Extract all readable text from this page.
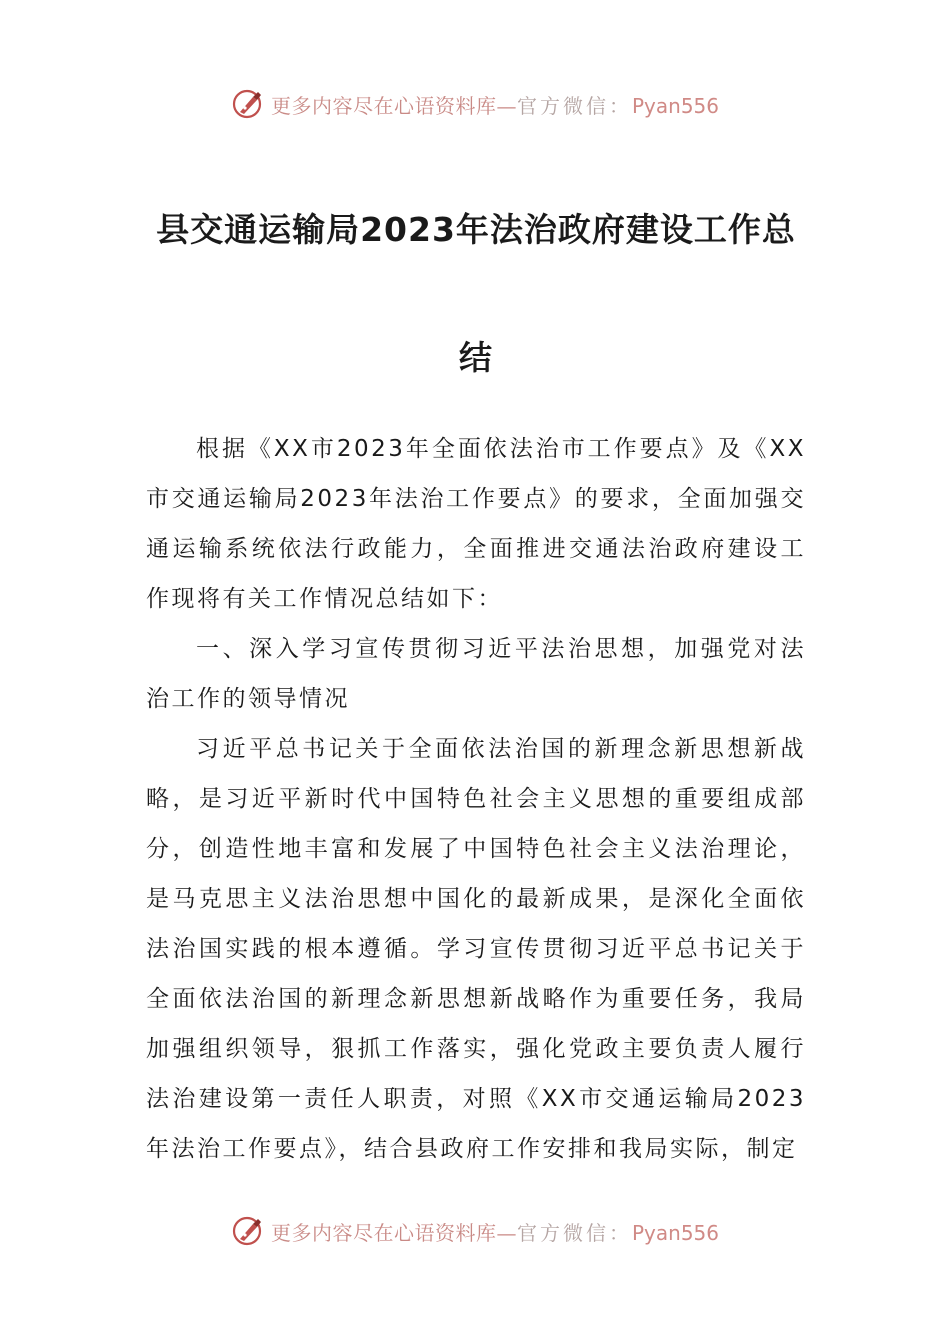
更多内容尽在心语资料库—官方微信：Pyan556
县交通运输局2023年法治政府建设工作总结

根据《XX市2023年全面依法治市工作要点》及《XX市交通运输局2023年法治工作要点》的要求，全面加强交通运输系统依法行政能力，全面推进交通法治政府建设工作现将有关工作情况总结如下：

一、深入学习宣传贯彻习近平法治思想，加强党对法治工作的领导情况

习近平总书记关于全面依法治国的新理念新思想新战略，是习近平新时代中国特色社会主义思想的重要组成部分，创造性地丰富和发展了中国特色社会主义法治理论，是马克思主义法治思想中国化的最新成果，是深化全面依法治国实践的根本遵循。学习宣传贯彻习近平总书记关于全面依法治国的新理念新思想新战略作为重要任务，我局加强组织领导，狠抓工作落实，强化党政主要负责人履行法治建设第一责任人职责，对照《XX市交通运输局2023年法治工作要点》，结合县政府工作安排和我局实际，制定

更多内容尽在心语资料库—官方微信：Pyan556
